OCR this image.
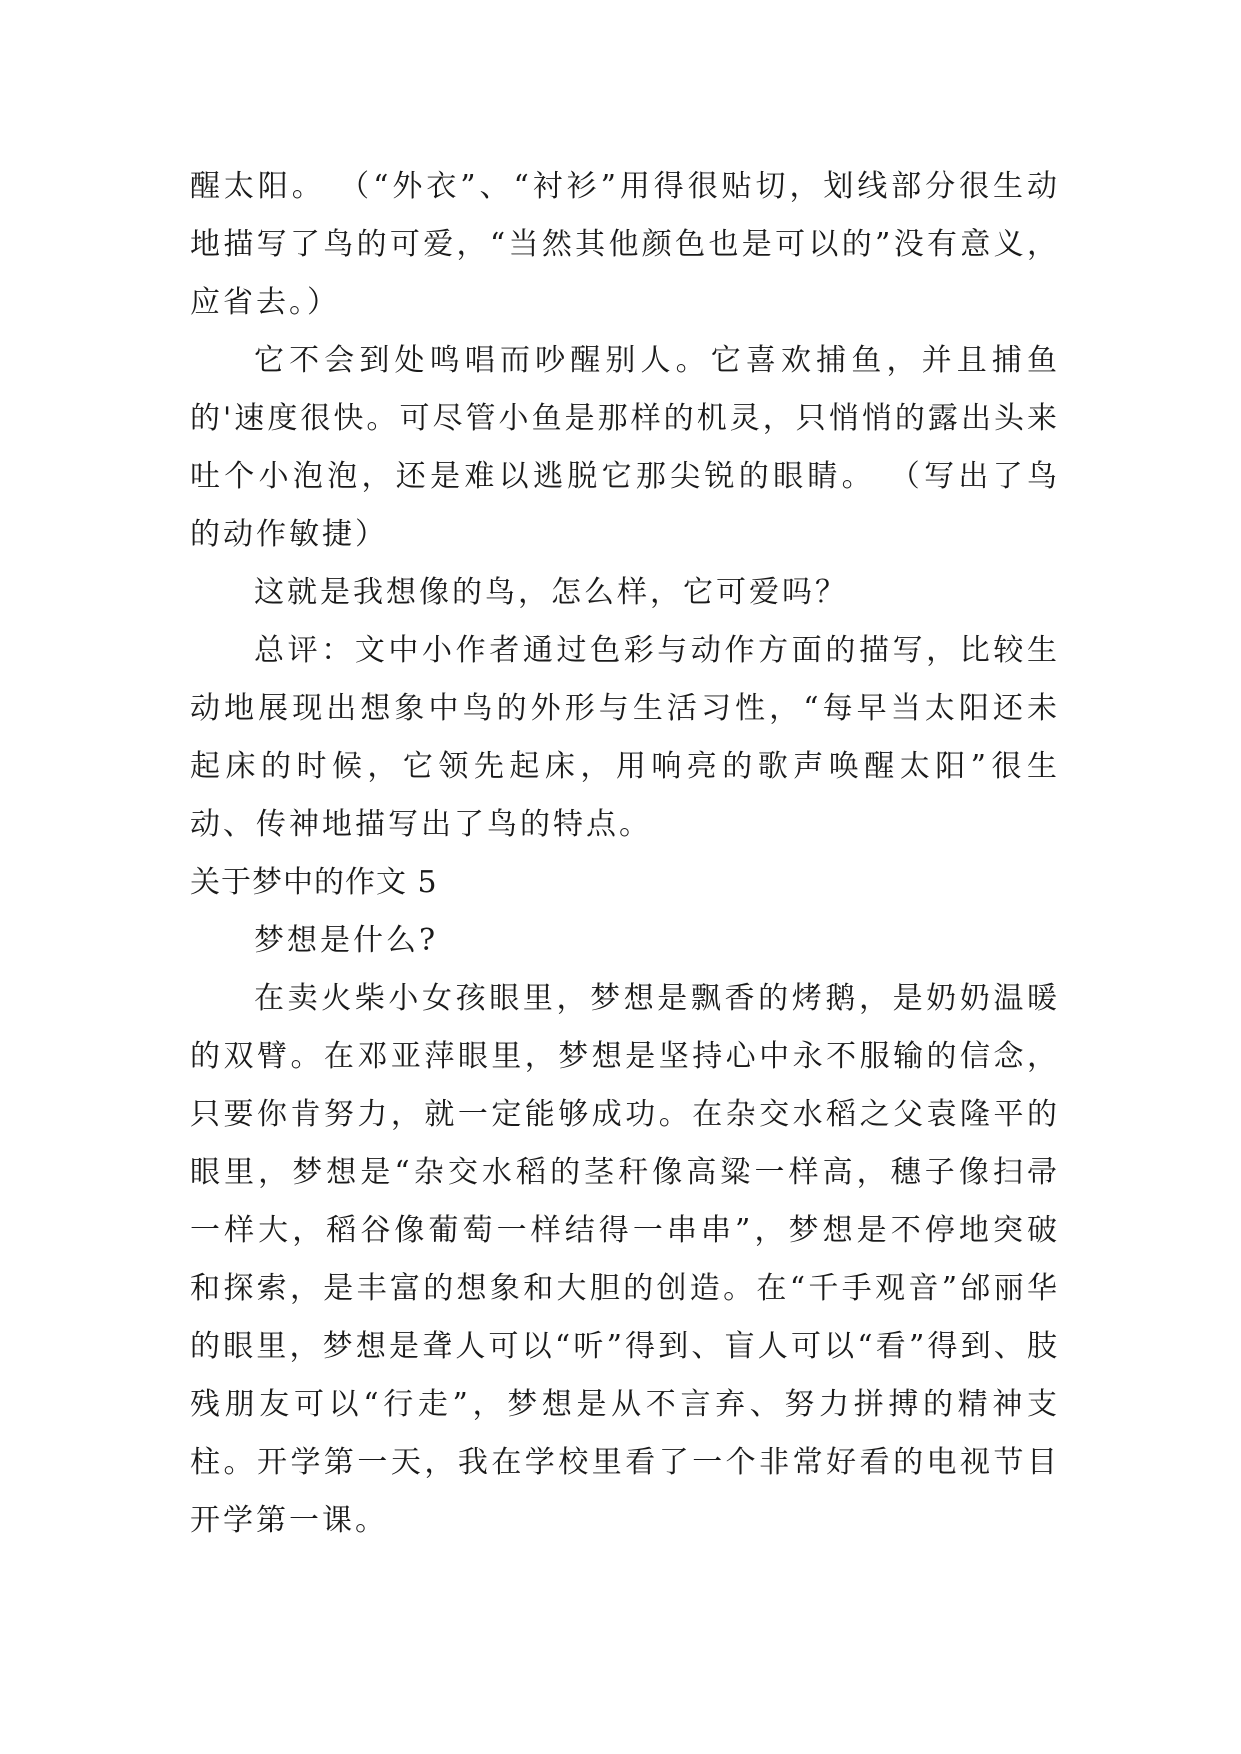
醒太阳。 （“外衣”、“衬衫”用得很贴切，划线部分很生动地描写了鸟的可爱，“当然其他颜色也是可以的”没有意义，应省去。）

它不会到处鸣唱而吵醒别人。它喜欢捕鱼，并且捕鱼的'速度很快。可尽管小鱼是那样的机灵，只悄悄的露出头来吐个小泡泡，还是难以逃脱它那尖锐的眼睛。 （写出了鸟的动作敏捷）

这就是我想像的鸟，怎么样，它可爱吗？

总评：文中小作者通过色彩与动作方面的描写，比较生动地展现出想象中鸟的外形与生活习性，“每早当太阳还未起床的时候，它领先起床，用响亮的歌声唤醒太阳”很生动、传神地描写出了鸟的特点。

关于梦中的作文 5

梦想是什么?

在卖火柴小女孩眼里，梦想是飘香的烤鹅，是奶奶温暖的双臂。在邓亚萍眼里，梦想是坚持心中永不服输的信念，只要你肯努力，就一定能够成功。在杂交水稻之父袁隆平的眼里，梦想是“杂交水稻的茎秆像高粱一样高，穗子像扫帚一样大，稻谷像葡萄一样结得一串串”，梦想是不停地突破和探索，是丰富的想象和大胆的创造。在“千手观音”邰丽华的眼里，梦想是聋人可以“听”得到、盲人可以“看”得到、肢残朋友可以“行走”，梦想是从不言弃、努力拼搏的精神支柱。开学第一天，我在学校里看了一个非常好看的电视节目开学第一课。
